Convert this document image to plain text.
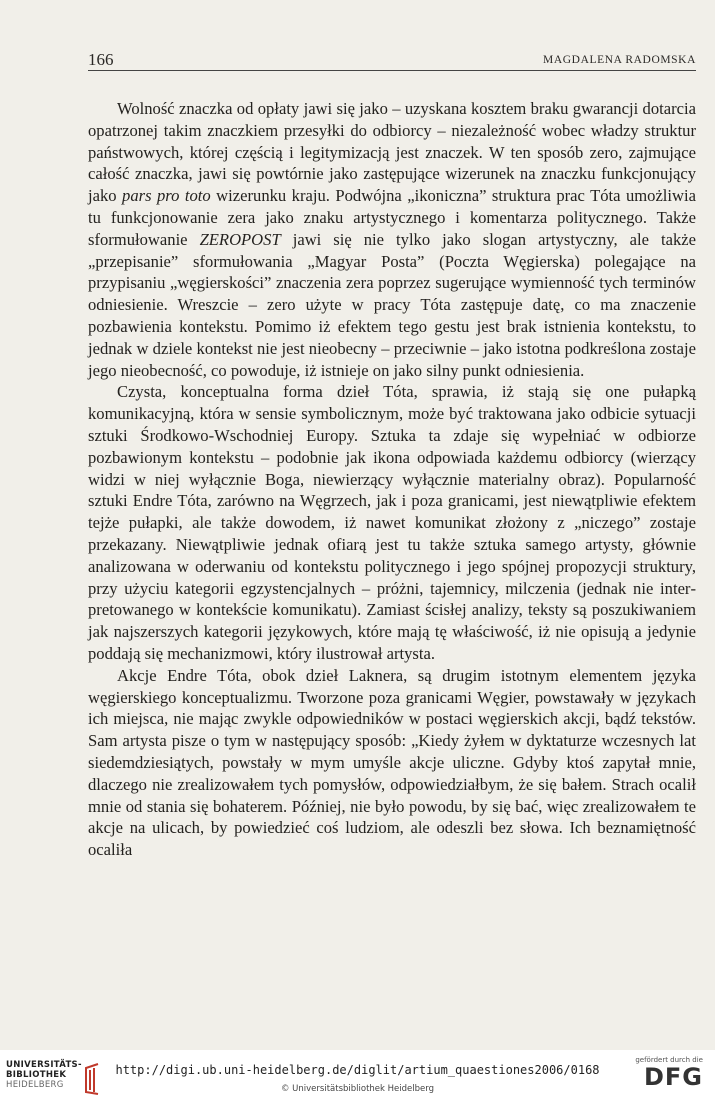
166	MAGDALENA RADOMSKA

Wolność znaczka od opłaty jawi się jako – uzyskana kosztem braku gwarancji dotarcia opatrzonej takim znaczkiem przesyłki do odbiorcy – niezależność wobec władzy struktur państwowych, której częścią i legitymizacją jest znaczek. W ten sposób zero, zajmujące całość znaczka, jawi się powtórnie jako zastępujące wizerunek na znaczku funkcjonujący jako pars pro toto wizerunku kraju. Podwójna „ikoniczna” struktura prac Tóta umożliwia tu funkcjonowanie zera jako znaku artystycznego i komentarza politycznego. Także sformułowanie ZEROPOST jawi się nie tylko jako slogan artystyczny, ale także „przepisanie” sformułowania „Magyar Posta” (Poczta Węgierska) polegające na przypisaniu „węgierskości” znaczenia zera poprzez sugerujące wymienność tych terminów odniesienie. Wreszcie – zero użyte w pracy Tóta zastępuje datę, co ma znaczenie pozbawienia kontekstu. Pomimo iż efektem tego gestu jest brak istnienia kontekstu, to jednak w dziele kontekst nie jest nieobecny – przeciwnie – jako istotna podkreślona zostaje jego nieobecność, co powoduje, iż istnieje on jako silny punkt odniesienia.

Czysta, konceptualna forma dzieł Tóta, sprawia, iż stają się one pułapką komunikacyjną, która w sensie symbolicznym, może być traktowana jako odbicie sytuacji sztuki Środkowo-Wschodniej Europy. Sztuka ta zdaje się wypełniać w odbiorze pozbawionym kontekstu – podobnie jak ikona odpowiada każdemu odbiorcy (wierzący widzi w niej wyłącznie Boga, niewierzący wyłącznie materialny obraz). Popularność sztuki Endre Tóta, zarówno na Węgrzech, jak i poza granicami, jest niewątpliwie efektem tejże pułapki, ale także dowodem, iż nawet komunikat złożony z „niczego” zostaje przekazany. Niewątpliwie jednak ofiarą jest tu także sztuka samego artysty, głównie analizowana w oderwaniu od kontekstu politycznego i jego spójnej propozycji struktury, przy użyciu kategorii egzystencjalnych – próżni, tajemnicy, milczenia (jednak nie interpretowanego w kontekście komunikatu). Zamiast ścisłej analizy, teksty są poszukiwaniem jak najszerszych kategorii językowych, które mają tę właściwość, iż nie opisują a jedynie poddają się mechanizmowi, który ilustrował artysta.

Akcje Endre Tóta, obok dzieł Laknera, są drugim istotnym elementem języka węgierskiego konceptualizmu. Tworzone poza granicami Węgier, powstawały w językach ich miejsca, nie mając zwykle odpowiedników w postaci węgierskich akcji, bądź tekstów. Sam artysta pisze o tym w następujący sposób: „Kiedy żyłem w dyktaturze wczesnych lat siedemdziesiątych, powstały w mym umyśle akcje uliczne. Gdyby ktoś zapytał mnie, dlaczego nie zrealizowałem tych pomysłów, odpowiedziałbym, że się bałem. Strach ocalił mnie od stania się bohaterem. Później, nie było powodu, by się bać, więc zrealizowałem te akcje na ulicach, by powiedzieć coś ludziom, ale odeszli bez słowa. Ich beznamiętność ocaliła

UNIVERSITÄTS-
BIBLIOTHEK
HEIDELBERG
http://digi.ub.uni-heidelberg.de/diglit/artium_quaestiones2006/0168
© Universitätsbibliothek Heidelberg
gefördert durch die
DFG
